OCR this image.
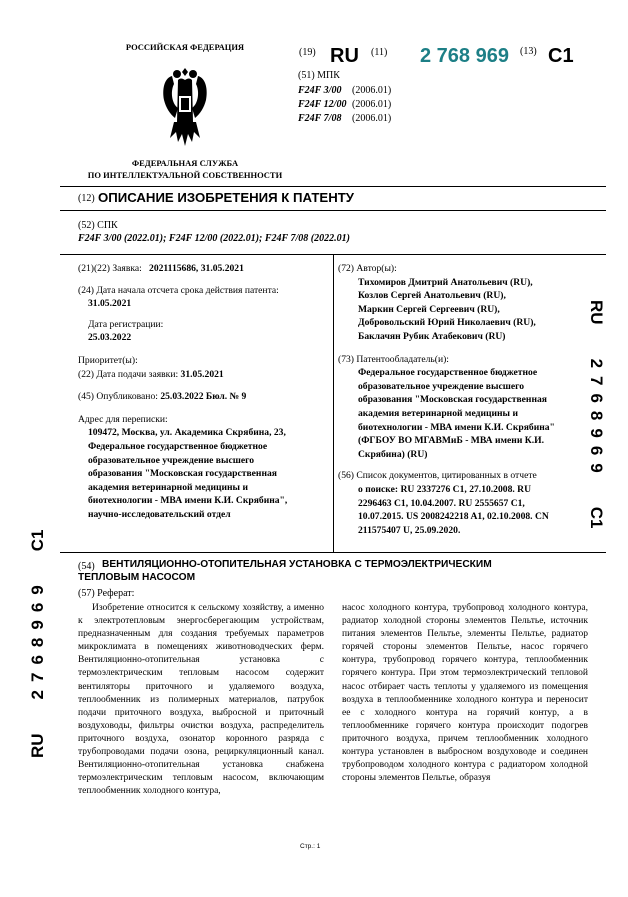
РОССИЙСКАЯ ФЕДЕРАЦИЯ
ФЕДЕРАЛЬНАЯ СЛУЖБА
ПО ИНТЕЛЛЕКТУАЛЬНОЙ СОБСТВЕННОСТИ
(19) RU (11) 2 768 969 (13) C1
(51) МПК
F24F 3/00 (2006.01)
F24F 12/00 (2006.01)
F24F 7/08 (2006.01)
(12) ОПИСАНИЕ ИЗОБРЕТЕНИЯ К ПАТЕНТУ
(52) СПК
F24F 3/00 (2022.01); F24F 12/00 (2022.01); F24F 7/08 (2022.01)
(21)(22) Заявка: 2021115686, 31.05.2021
(24) Дата начала отсчета срока действия патента:
31.05.2021
Дата регистрации:
25.03.2022
Приоритет(ы):
(22) Дата подачи заявки: 31.05.2021
(45) Опубликовано: 25.03.2022 Бюл. № 9
Адрес для переписки:
109472, Москва, ул. Академика Скрябина, 23,
Федеральное государственное бюджетное
образовательное учреждение высшего
образования "Московская государственная
академия ветеринарной медицины и
биотехнологии - МВА имени К.И. Скрябина",
научно-исследовательский отдел
(72) Автор(ы):
Тихомиров Дмитрий Анатольевич (RU),
Козлов Сергей Анатольевич (RU),
Маркин Сергей Сергеевич (RU),
Добровольский Юрий Николаевич (RU),
Баклачян Рубик Атабекович (RU)
(73) Патентообладатель(и):
Федеральное государственное бюджетное
образовательное учреждение высшего
образования "Московская государственная
академия ветеринарной медицины и
биотехнологии - МВА имени К.И. Скрябина"
(ФГБОУ ВО МГАВМиБ - МВА имени К.И.
Скрябина) (RU)
(56) Список документов, цитированных в отчете
о поиске: RU 2337276 C1, 27.10.2008. RU
2296463 C1, 10.04.2007. RU 2555657 C1,
10.07.2015. US 2008242218 A1, 02.10.2008. CN
211575407 U, 25.09.2020.
(54) ВЕНТИЛЯЦИОННО-ОТОПИТЕЛЬНАЯ УСТАНОВКА С ТЕРМОЭЛЕКТРИЧЕСКИМ
ТЕПЛОВЫМ НАСОСОМ
(57) Реферат:

Изобретение относится к сельскому хозяйству, а именно к электротепловым энергосберегающим устройствам, предназначенным для создания требуемых параметров микроклимата в помещениях животноводческих ферм. Вентиляционно-отопительная установка с термоэлектрическим тепловым насосом содержит вентиляторы приточного и удаляемого воздуха, теплообменник из полимерных материалов, патрубок подачи приточного воздуха, выбросной и приточный воздуховоды, фильтры очистки воздуха, распределитель приточного воздуха, озонатор коронного разряда с трубопроводами подачи озона, рециркуляционный канал. Вентиляционно-отопительная установка снабжена термоэлектрическим тепловым насосом, включающим теплообменник холодного контура,

насос холодного контура, трубопровод холодного контура, радиатор холодной стороны элементов Пельтье, источник питания элементов Пельтье, элементы Пельтье, радиатор горячей стороны элементов Пельтье, насос горячего контура, трубопровод горячего контура, теплообменник горячего контура. При этом термоэлектрический тепловой насос отбирает часть теплоты у удаляемого из помещения воздуха в теплообменнике холодного контура и переносит ее с холодного контура на горячий контур, а в теплообменнике горячего контура происходит подогрев приточного воздуха, причем теплообменник холодного контура установлен в выбросном воздуховоде и соединен трубопроводом холодного контура с радиатором холодной стороны элементов Пельтье, образуя

Стр.: 1
RU2768969C1
RU2768969C1
